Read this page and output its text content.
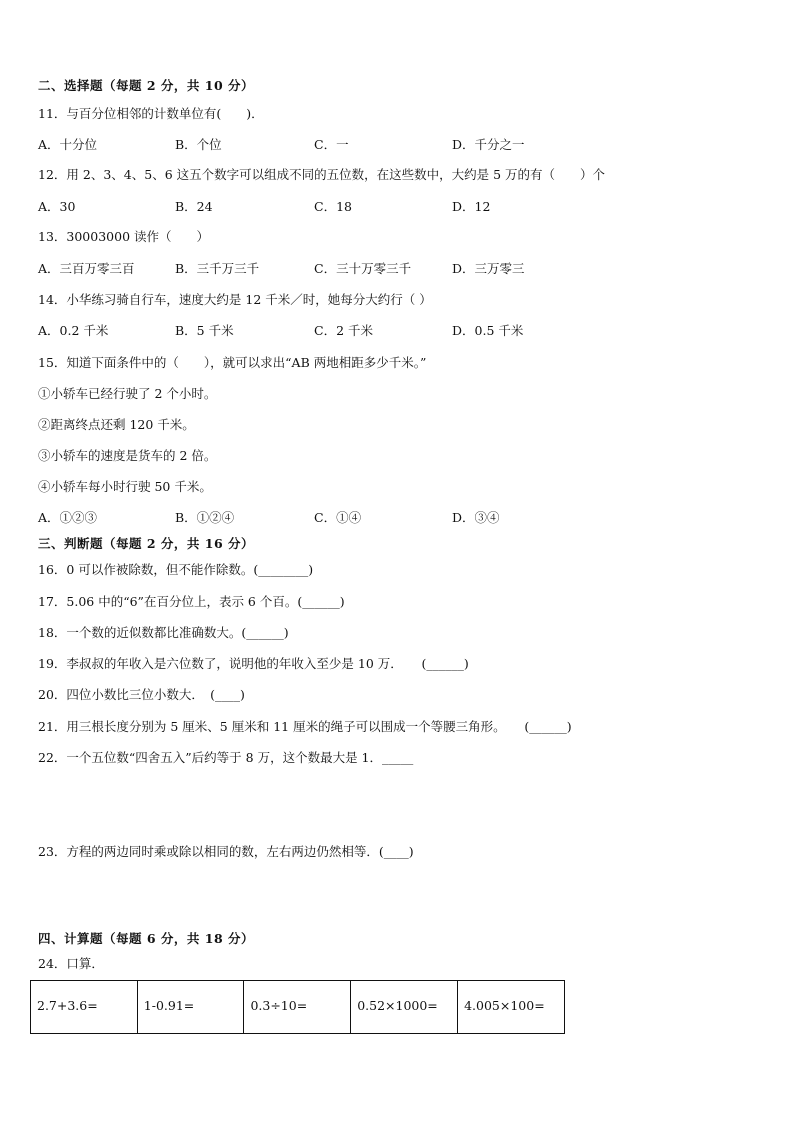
二、选择题（每题 2 分，共 10 分）
11．与百分位相邻的计数单位有(　　)．
A．十分位	B．个位	C．一	D．千分之一
12．用 2、3、4、5、6 这五个数字可以组成不同的五位数，在这些数中，大约是 5 万的有（　　）个
A．30	B．24	C．18	D．12
13．30003000 读作（　　）
A．三百万零三百	B．三千万三千	C．三十万零三千	D．三万零三
14．小华练习骑自行车，速度大约是 12 千米／时，她每分大约行（ ）
A．0.2 千米	B．5 千米	C．2 千米	D．0.5 千米
15．知道下面条件中的（　　），就可以求出“AB 两地相距多少千米。”
①小轿车已经行驶了 2 个小时。
②距离终点还剩 120 千米。
③小轿车的速度是货车的 2 倍。
④小轿车每小时行驶 50 千米。
A．①②③	B．①②④	C．①④	D．③④
三、判断题（每题 2 分，共 16 分）
16．0 可以作被除数，但不能作除数。(________)
17．5.06 中的“6”在百分位上，表示 6 个百。(______)
18．一个数的近似数都比准确数大。(______)
19．李叔叔的年收入是六位数了，说明他的年收入至少是 10 万．　　(______)
20．四位小数比三位小数大．　(____)
21．用三根长度分别为 5 厘米、5 厘米和 11 厘米的绳子可以围成一个等腰三角形。　　(______)
22．一个五位数“四舍五入”后约等于 8 万，这个数最大是 1．_____
23．方程的两边同时乘或除以相同的数，左右两边仍然相等．(____)
四、计算题（每题 6 分，共 18 分）
24．口算．
2.7+3.6=	1-0.91=	0.3÷10=	0.52×1000=	4.005×100=
